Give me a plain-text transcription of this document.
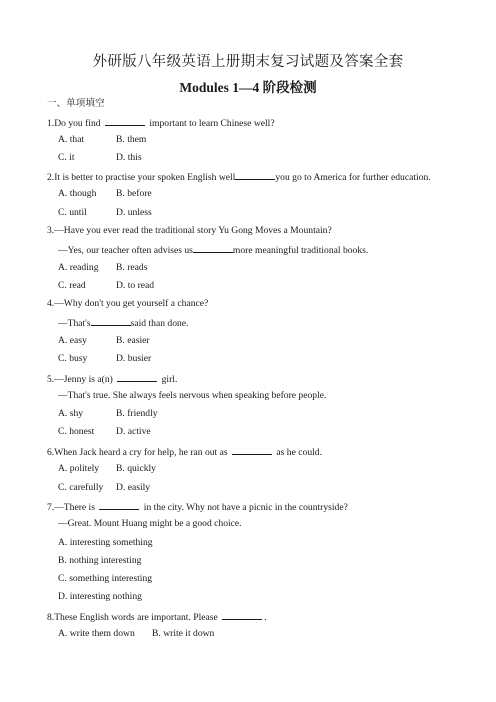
外研版八年级英语上册期末复习试题及答案全套
Modules 1—4 阶段检测
一、单项填空
1.Do you find	important to learn Chinese well?
A. that	B. them
C. it	D. this
2.It is better to practise your spoken English well	you go to America for further education.
A. though B. before
C. until	D. unless
3.—Have you ever read the traditional story Yu Gong Moves a Mountain?
—Yes, our teacher often advises us	more meaningful traditional books.
A. reading B. reads
C. read	D. to read
4.—Why don't you get yourself a chance?
—That's	said than done.
A. easy	B. easier
C. busy	D. busier
5.—Jenny is a(n)	girl.
—That's true. She always feels nervous when speaking before people.
A. shy	B. friendly
C. honest D. active
6.When Jack heard a cry for help, he ran out as	as he could.
A. politely B. quickly
C. carefully D. easily
7.—There is	in the city. Why not have a picnic in the countryside?
—Great. Mount Huang might be a good choice.
A. interesting something
B. nothing interesting
C. something interesting
D. interesting nothing
8.These English words are important. Please	.
A. write them down B. write it down
